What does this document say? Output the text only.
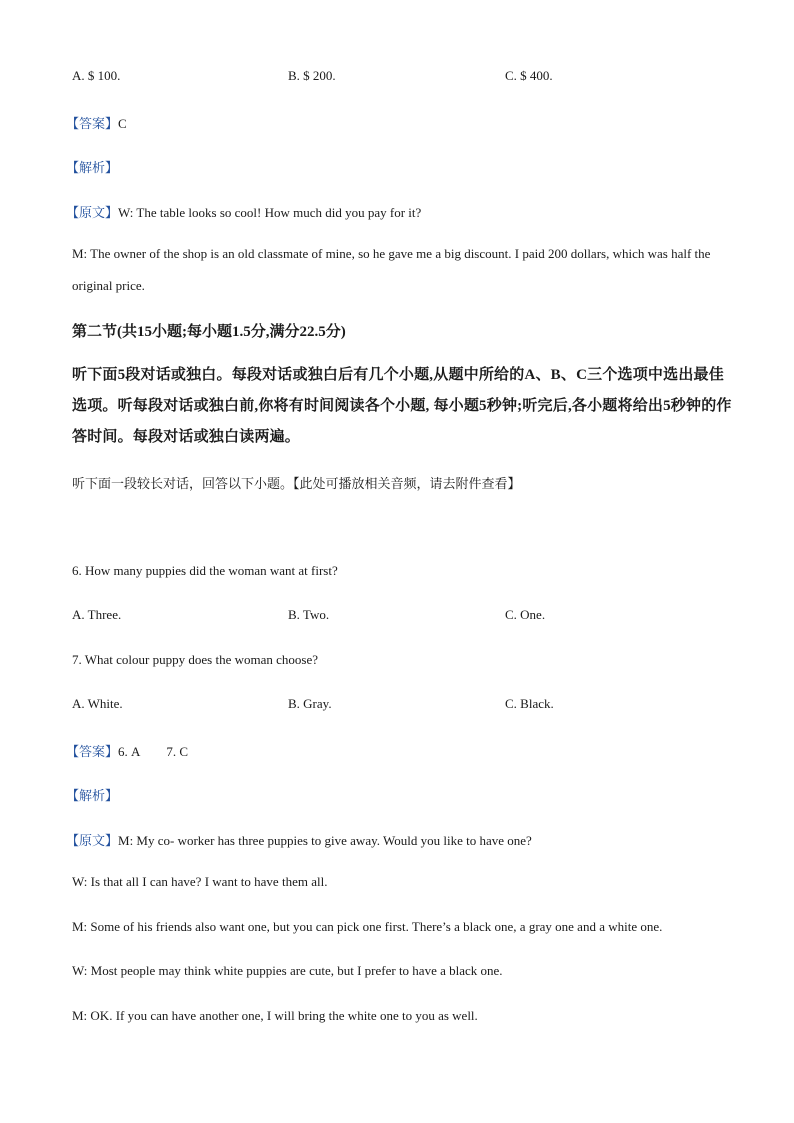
A. $ 100.	B. $ 200.	C. $ 400.
【答案】C
【解析】
【原文】W: The table looks so cool! How much did you pay for it?
M: The owner of the shop is an old classmate of mine, so he gave me a big discount. I paid 200 dollars, which was half the original price.
第二节(共15小题;每小题1.5分,满分22.5分)
听下面5段对话或独白。每段对话或独白后有几个小题,从题中所给的A、B、C三个选项中选出最佳选项。听每段对话或独白前,你将有时间阅读各个小题, 每小题5秒钟;听完后,各小题将给出5秒钟的作答时间。每段对话或独白读两遍。
听下面一段较长对话，回答以下小题。【此处可播放相关音频，请去附件查看】
6. How many puppies did the woman want at first?
A. Three.	B. Two.	C. One.
7. What colour puppy does the woman choose?
A. White.	B. Gray.	C. Black.
【答案】6. A 7. C
【解析】
【原文】M: My co- worker has three puppies to give away. Would you like to have one?
W: Is that all I can have? I want to have them all.
M: Some of his friends also want one, but you can pick one first. There’s a black one, a gray one and a white one.
W: Most people may think white puppies are cute, but I prefer to have a black one.
M: OK. If you can have another one, I will bring the white one to you as well.
